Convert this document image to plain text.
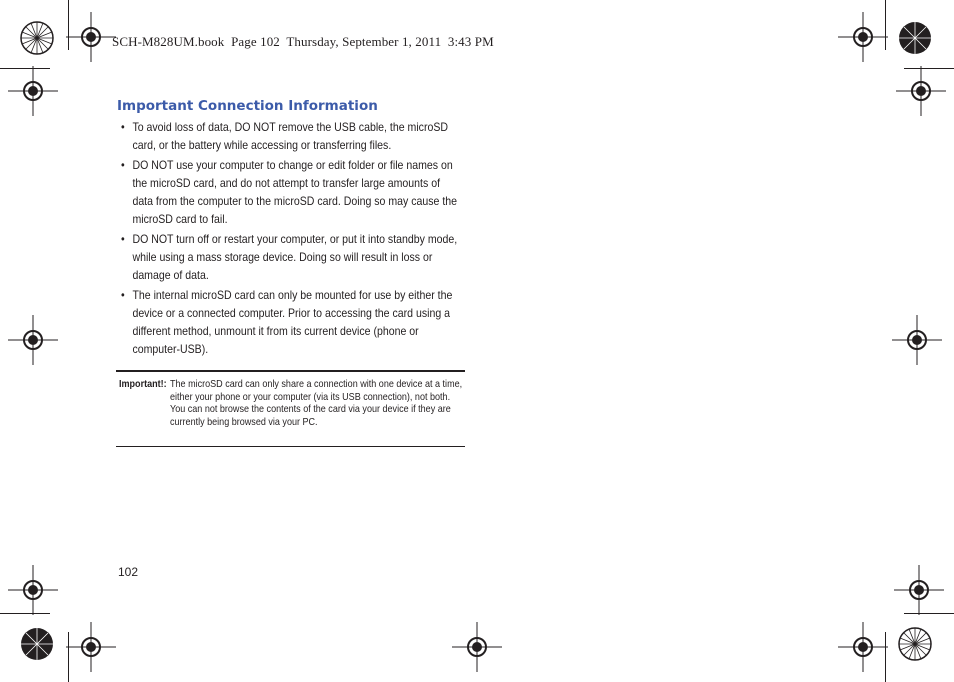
SCH-M828UM.book  Page 102  Thursday, September 1, 2011  3:43 PM
Important Connection Information
• To avoid loss of data, DO NOT remove the USB cable, the microSD card, or the battery while accessing or transferring files.
• DO NOT use your computer to change or edit folder or file names on the microSD card, and do not attempt to transfer large amounts of data from the computer to the microSD card. Doing so may cause the microSD card to fail.
• DO NOT turn off or restart your computer, or put it into standby mode, while using a mass storage device. Doing so will result in loss or damage of data.
• The internal microSD card can only be mounted for use by either the device or a connected computer. Prior to accessing the card using a different method, unmount it from its current device (phone or computer-USB).
Important!: The microSD card can only share a connection with one device at a time, either your phone or your computer (via its USB connection), not both. You can not browse the contents of the card via your device if they are currently being browsed via your PC.
102
